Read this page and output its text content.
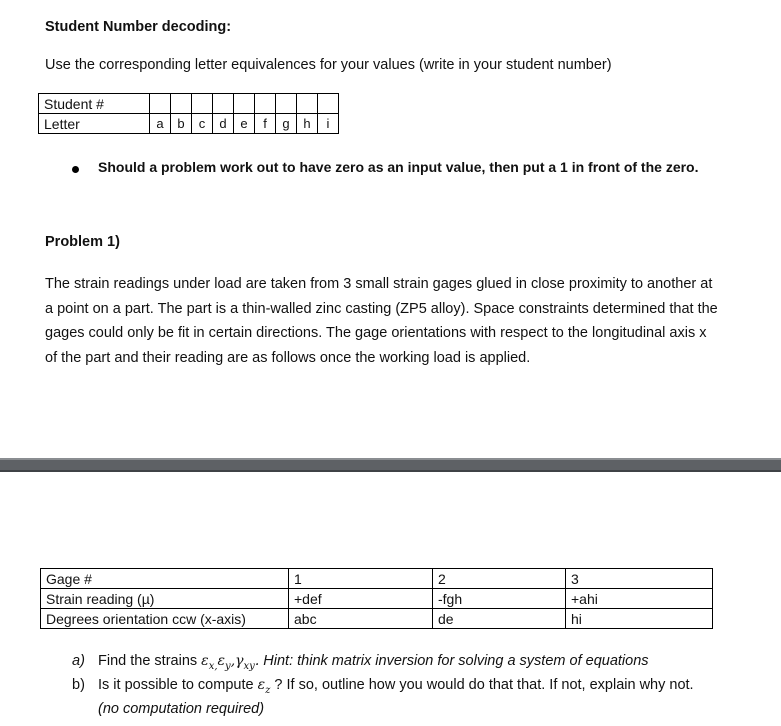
Student Number decoding:
Use the corresponding letter equivalences for your values (write in your student number)
Student #									
Letter	a	b	c	d	e	f	g	h	i
Should a problem work out to have zero as an input value, then put a 1 in front of the zero.
Problem 1)
The strain readings under load are taken from 3 small strain gages glued in close proximity to another at
a point on a part. The part is a thin-walled zinc casting (ZP5 alloy). Space constraints determined that the
gages could only be fit in certain directions. The gage orientations with respect to the longitudinal axis x
of the part and their reading are as follows once the working load is applied.
Gage #	1	2	3
Strain reading (µ)	+def	-fgh	+ahi
Degrees orientation ccw (x-axis)	abc	de	hi
a) Find the strains $\varepsilon_{x,}\varepsilon_y,\gamma_{xy}$. Hint: think matrix inversion for solving a system of equations
b) Is it possible to compute $\varepsilon_z$ ? If so, outline how you would do that that. If not, explain why not.
(no computation required)
